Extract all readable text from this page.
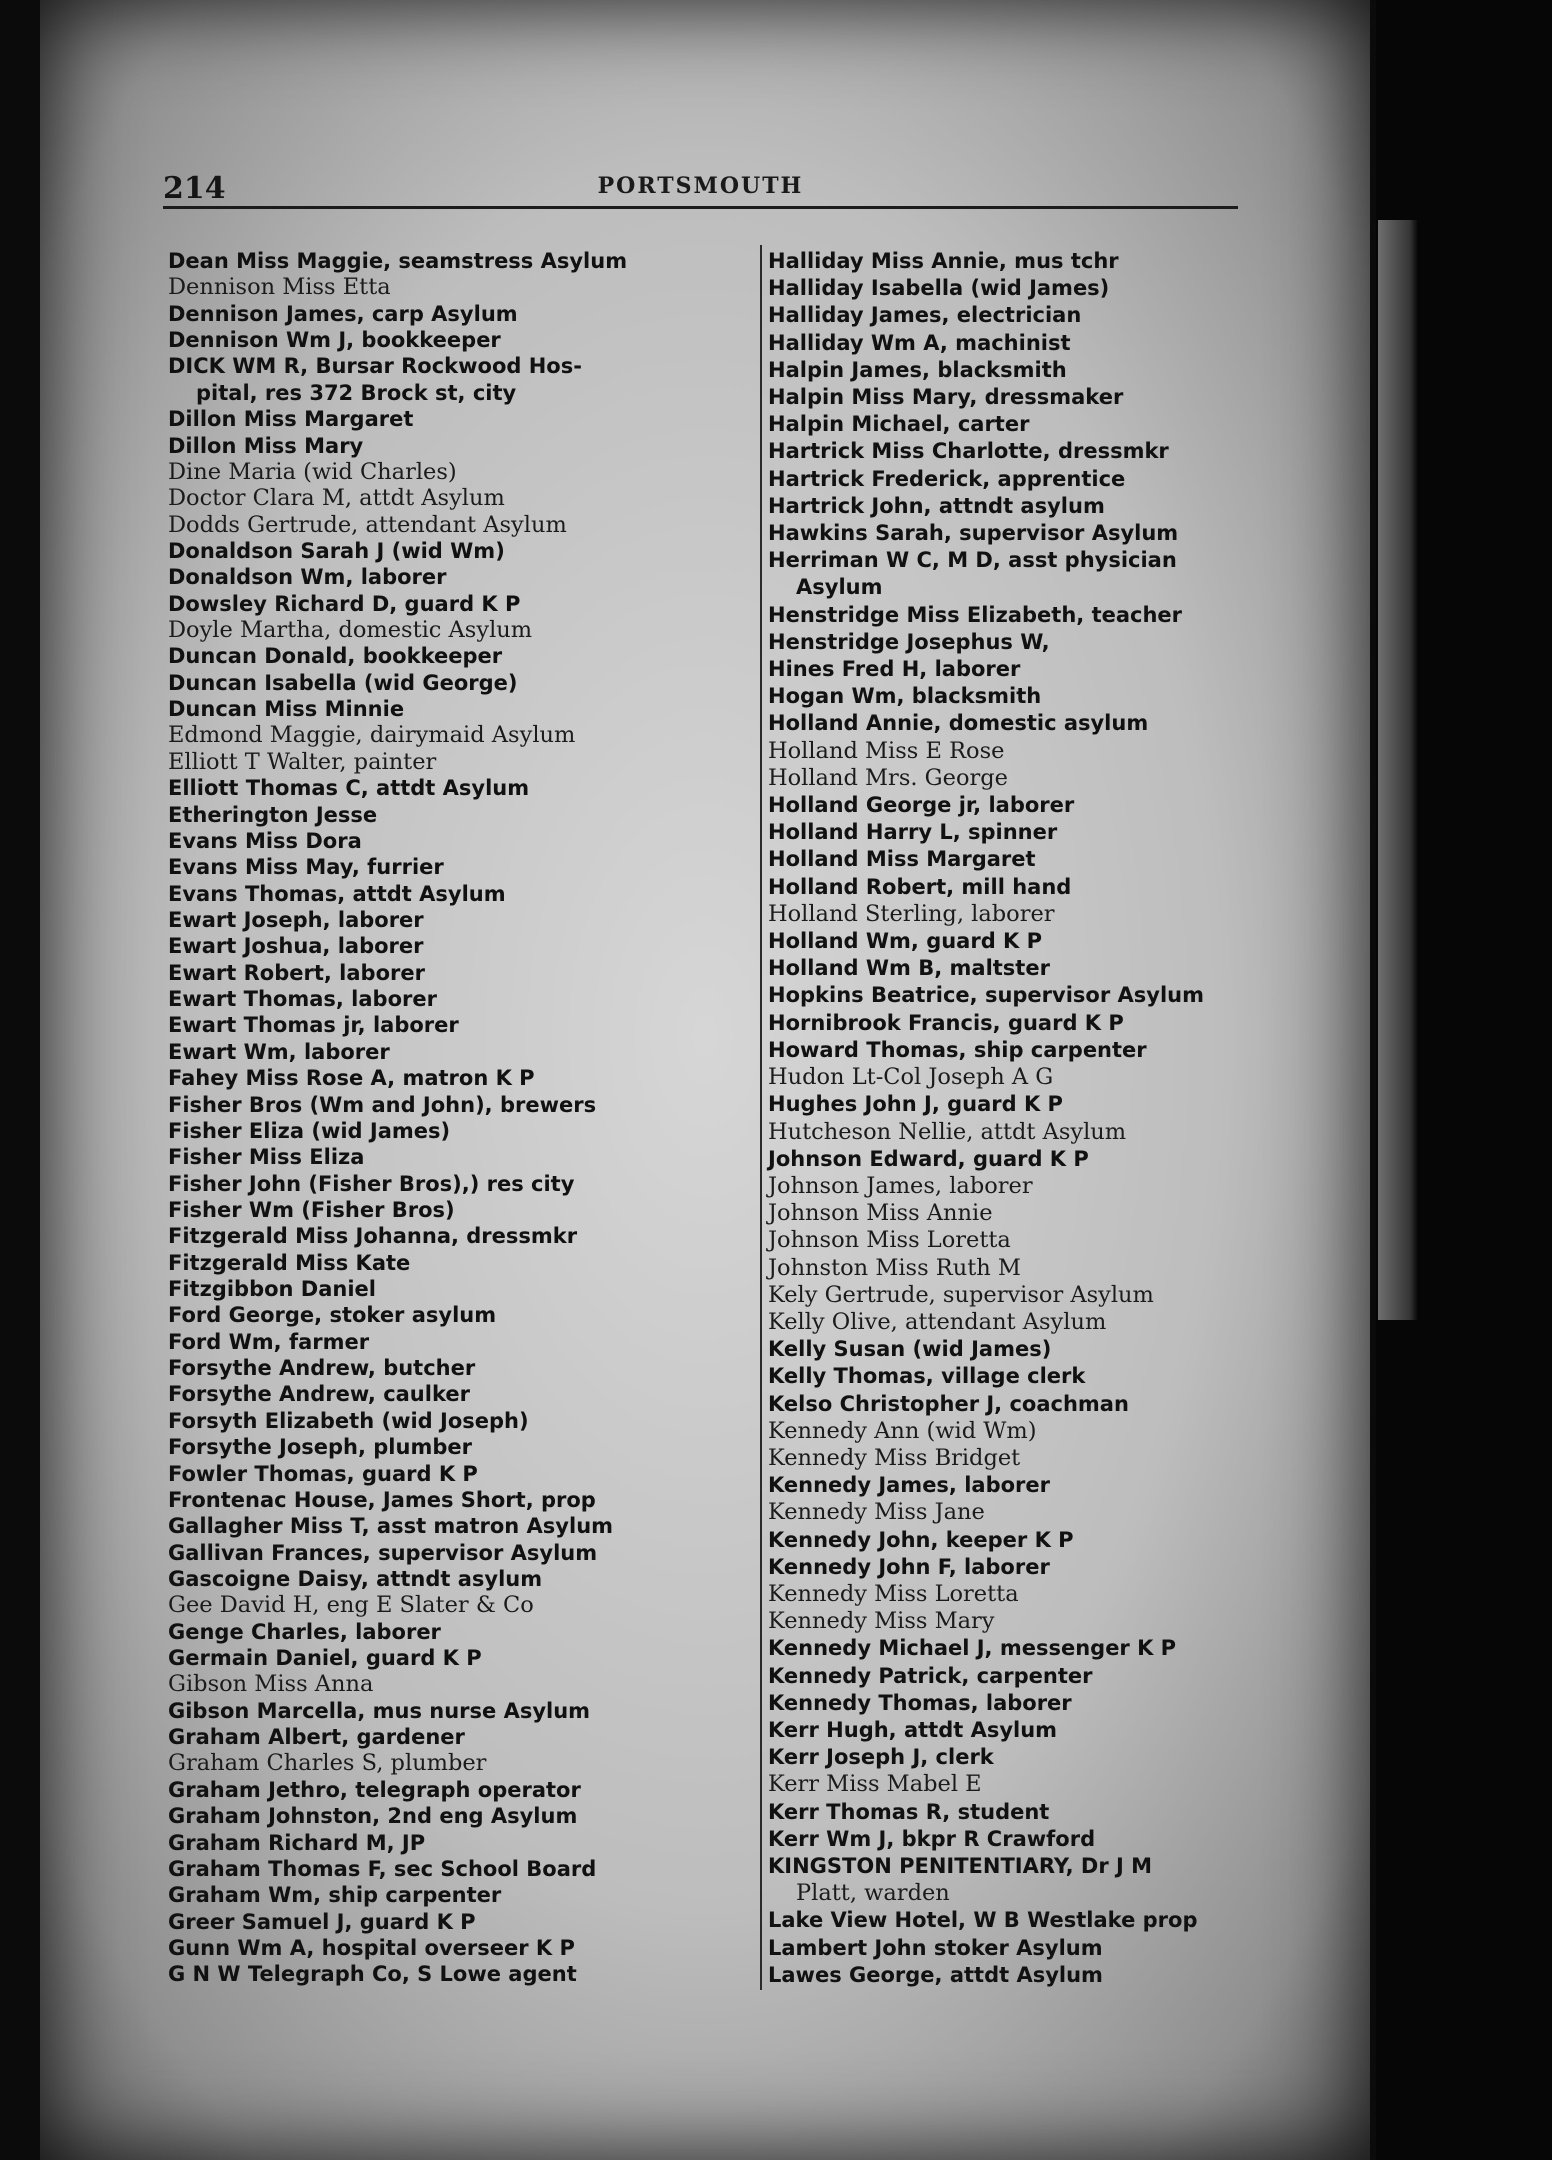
214	PORTSMOUTH
Dean Miss Maggie, seamstress Asylum
Dennison Miss Etta
Dennison James, carp Asylum
Dennison Wm J, bookkeeper
DICK WM R, Bursar Rockwood Hos-
pital, res 372 Brock st, city
Dillon Miss Margaret
Dillon Miss Mary
Dine Maria (wid Charles)
Doctor Clara M, attdt Asylum
Dodds Gertrude, attendant Asylum
Donaldson Sarah J (wid Wm)
Donaldson Wm, laborer
Dowsley Richard D, guard K P
Doyle Martha, domestic Asylum
Duncan Donald, bookkeeper
Duncan Isabella (wid George)
Duncan Miss Minnie
Edmond Maggie, dairymaid Asylum
Elliott T Walter, painter
Elliott Thomas C, attdt Asylum
Etherington Jesse
Evans Miss Dora
Evans Miss May, furrier
Evans Thomas, attdt Asylum
Ewart Joseph, laborer
Ewart Joshua, laborer
Ewart Robert, laborer
Ewart Thomas, laborer
Ewart Thomas jr, laborer
Ewart Wm, laborer
Fahey Miss Rose A, matron K P
Fisher Bros (Wm and John), brewers
Fisher Eliza (wid James)
Fisher Miss Eliza
Fisher John (Fisher Bros),) res city
Fisher Wm (Fisher Bros)
Fitzgerald Miss Johanna, dressmkr
Fitzgerald Miss Kate
Fitzgibbon Daniel
Ford George, stoker asylum
Ford Wm, farmer
Forsythe Andrew, butcher
Forsythe Andrew, caulker
Forsyth Elizabeth (wid Joseph)
Forsythe Joseph, plumber
Fowler Thomas, guard K P
Frontenac House, James Short, prop
Gallagher Miss T, asst matron Asylum
Gallivan Frances, supervisor Asylum
Gascoigne Daisy, attndt asylum
Gee David H, eng E Slater & Co
Genge Charles, laborer
Germain Daniel, guard K P
Gibson Miss Anna
Gibson Marcella, mus nurse Asylum
Graham Albert, gardener
Graham Charles S, plumber
Graham Jethro, telegraph operator
Graham Johnston, 2nd eng Asylum
Graham Richard M, JP
Graham Thomas F, sec School Board
Graham Wm, ship carpenter
Greer Samuel J, guard K P
Gunn Wm A, hospital overseer K P
G N W Telegraph Co, S Lowe agent
Halliday Miss Annie, mus tchr
Halliday Isabella (wid James)
Halliday James, electrician
Halliday Wm A, machinist
Halpin James, blacksmith
Halpin Miss Mary, dressmaker
Halpin Michael, carter
Hartrick Miss Charlotte, dressmkr
Hartrick Frederick, apprentice
Hartrick John, attndt asylum
Hawkins Sarah, supervisor Asylum
Herriman W C, M D, asst physician
Asylum
Henstridge Miss Elizabeth, teacher
Henstridge Josephus W,
Hines Fred H, laborer
Hogan Wm, blacksmith
Holland Annie, domestic asylum
Holland Miss E Rose
Holland Mrs. George
Holland George jr, laborer
Holland Harry L, spinner
Holland Miss Margaret
Holland Robert, mill hand
Holland Sterling, laborer
Holland Wm, guard K P
Holland Wm B, maltster
Hopkins Beatrice, supervisor Asylum
Hornibrook Francis, guard K P
Howard Thomas, ship carpenter
Hudon Lt-Col Joseph A G
Hughes John J, guard K P
Hutcheson Nellie, attdt Asylum
Johnson Edward, guard K P
Johnson James, laborer
Johnson Miss Annie
Johnson Miss Loretta
Johnston Miss Ruth M
Kely Gertrude, supervisor Asylum
Kelly Olive, attendant Asylum
Kelly Susan (wid James)
Kelly Thomas, village clerk
Kelso Christopher J, coachman
Kennedy Ann (wid Wm)
Kennedy Miss Bridget
Kennedy James, laborer
Kennedy Miss Jane
Kennedy John, keeper K P
Kennedy John F, laborer
Kennedy Miss Loretta
Kennedy Miss Mary
Kennedy Michael J, messenger K P
Kennedy Patrick, carpenter
Kennedy Thomas, laborer
Kerr Hugh, attdt Asylum
Kerr Joseph J, clerk
Kerr Miss Mabel E
Kerr Thomas R, student
Kerr Wm J, bkpr R Crawford
KINGSTON PENITENTIARY, Dr J M
Platt, warden
Lake View Hotel, W B Westlake prop
Lambert John stoker Asylum
Lawes George, attdt Asylum
